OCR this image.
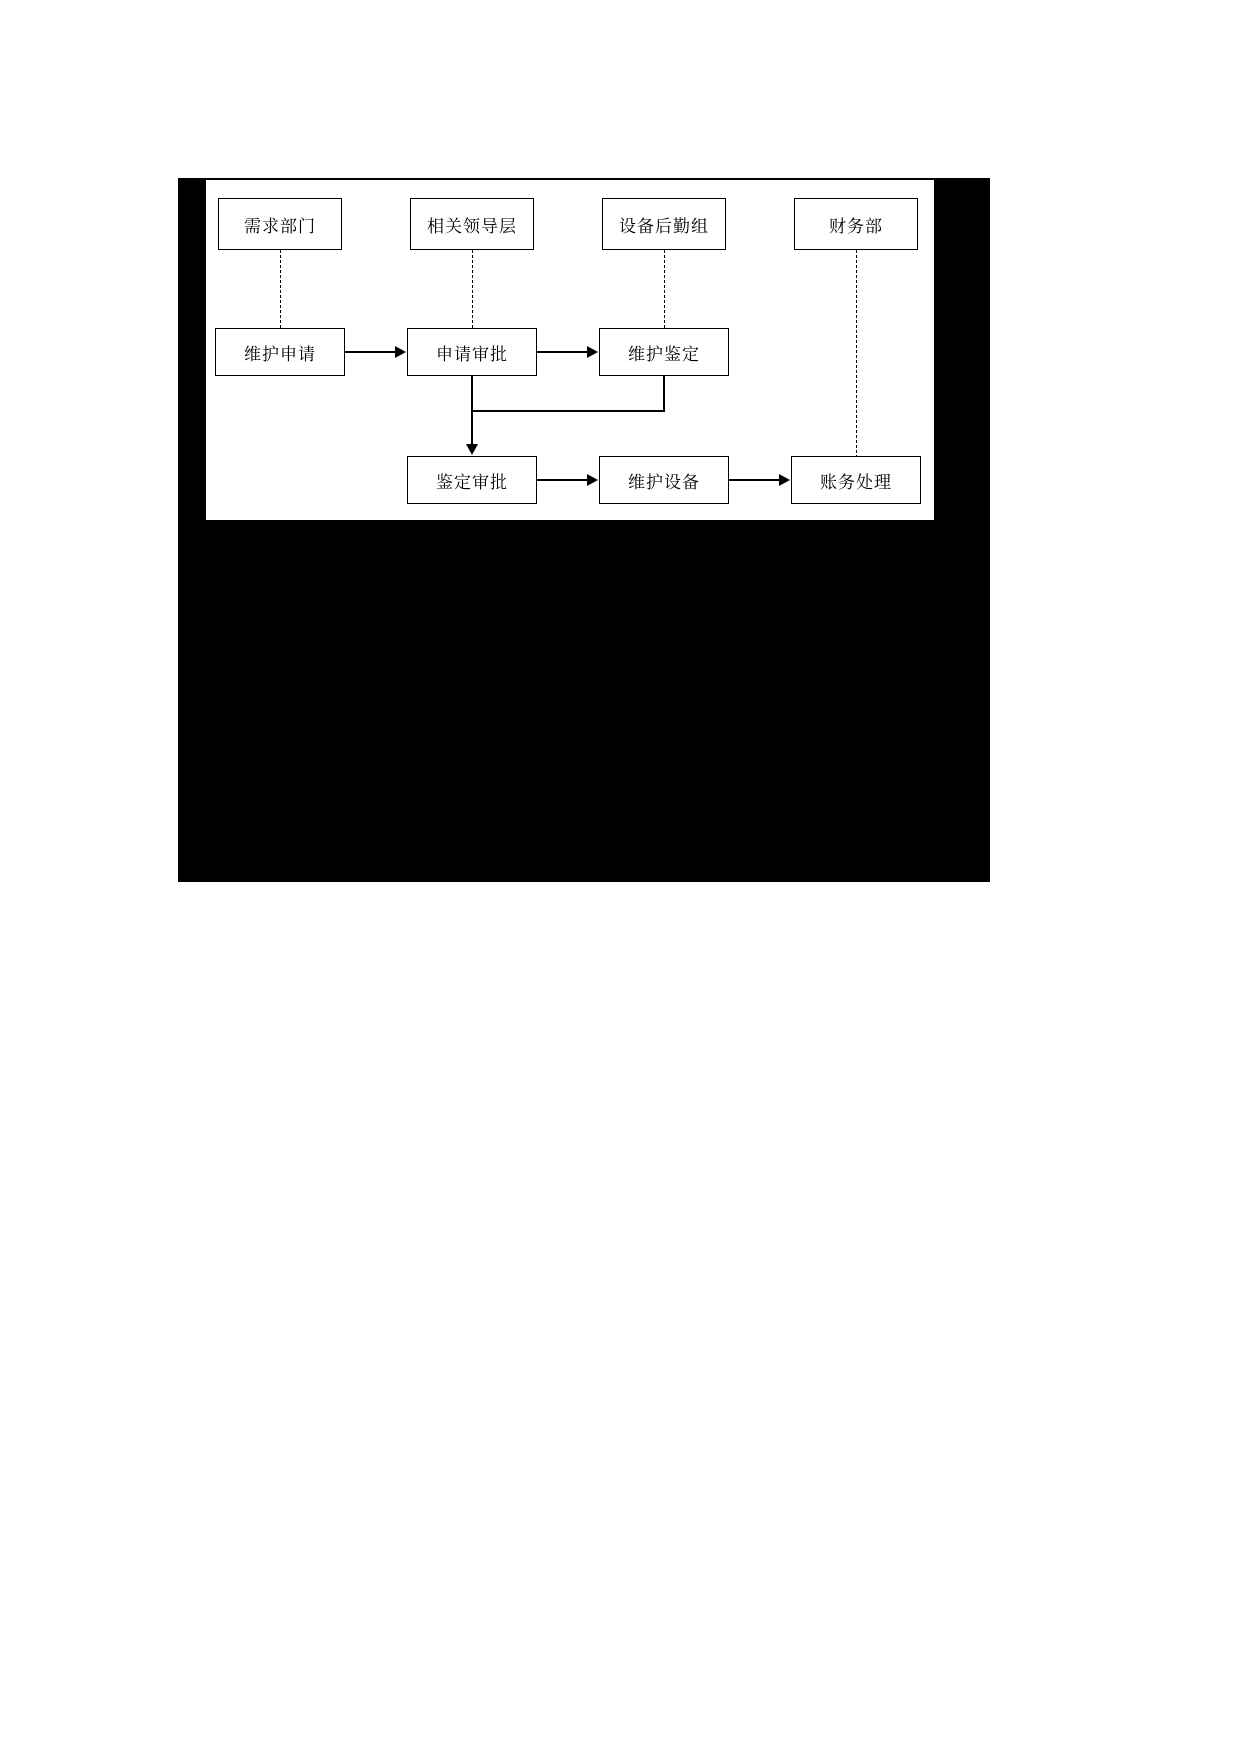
需求部门	相关领导层	设备后勤组	财务部
维护申请	申请审批	维护鉴定
鉴定审批	维护设备	账务处理
